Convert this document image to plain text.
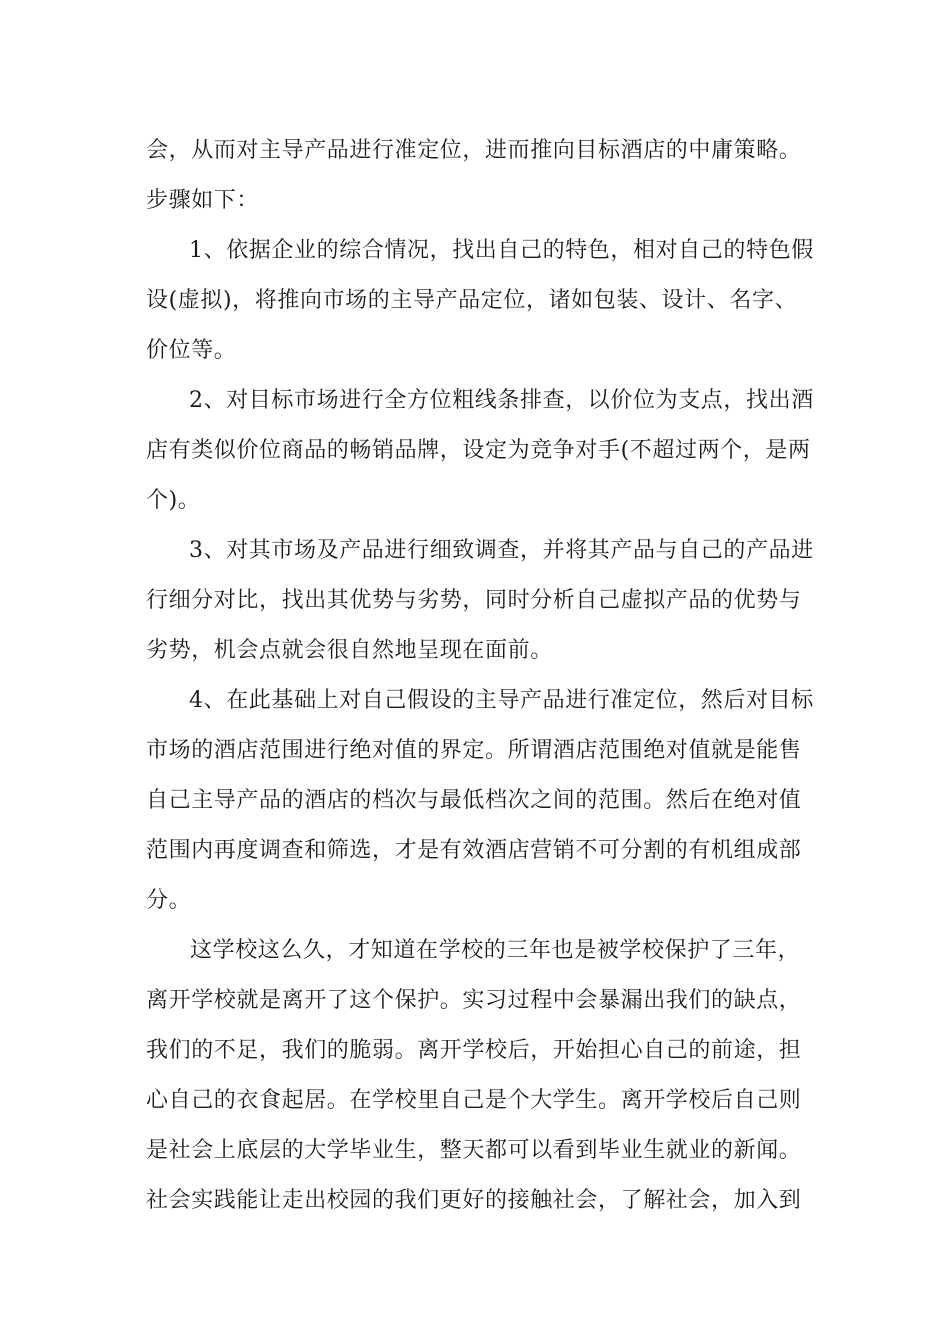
会，从而对主导产品进行准定位，进而推向目标酒店的中庸策略。
步骤如下：
1、依据企业的综合情况，找出自己的特色，相对自己的特色假
设(虚拟)，将推向市场的主导产品定位，诸如包装、设计、名字、
价位等。
2、对目标市场进行全方位粗线条排查，以价位为支点，找出酒
店有类似价位商品的畅销品牌，设定为竞争对手(不超过两个，是两
个)。
3、对其市场及产品进行细致调查，并将其产品与自己的产品进
行细分对比，找出其优势与劣势，同时分析自己虚拟产品的优势与
劣势，机会点就会很自然地呈现在面前。
4、在此基础上对自己假设的主导产品进行准定位，然后对目标
市场的酒店范围进行绝对值的界定。所谓酒店范围绝对值就是能售
自己主导产品的酒店的档次与最低档次之间的范围。然后在绝对值
范围内再度调查和筛选，才是有效酒店营销不可分割的有机组成部
分。
这学校这么久，才知道在学校的三年也是被学校保护了三年，
离开学校就是离开了这个保护。实习过程中会暴漏出我们的缺点，
我们的不足，我们的脆弱。离开学校后，开始担心自己的前途，担
心自己的衣食起居。在学校里自己是个大学生。离开学校后自己则
是社会上底层的大学毕业生，整天都可以看到毕业生就业的新闻。
社会实践能让走出校园的我们更好的接触社会，了解社会，加入到
